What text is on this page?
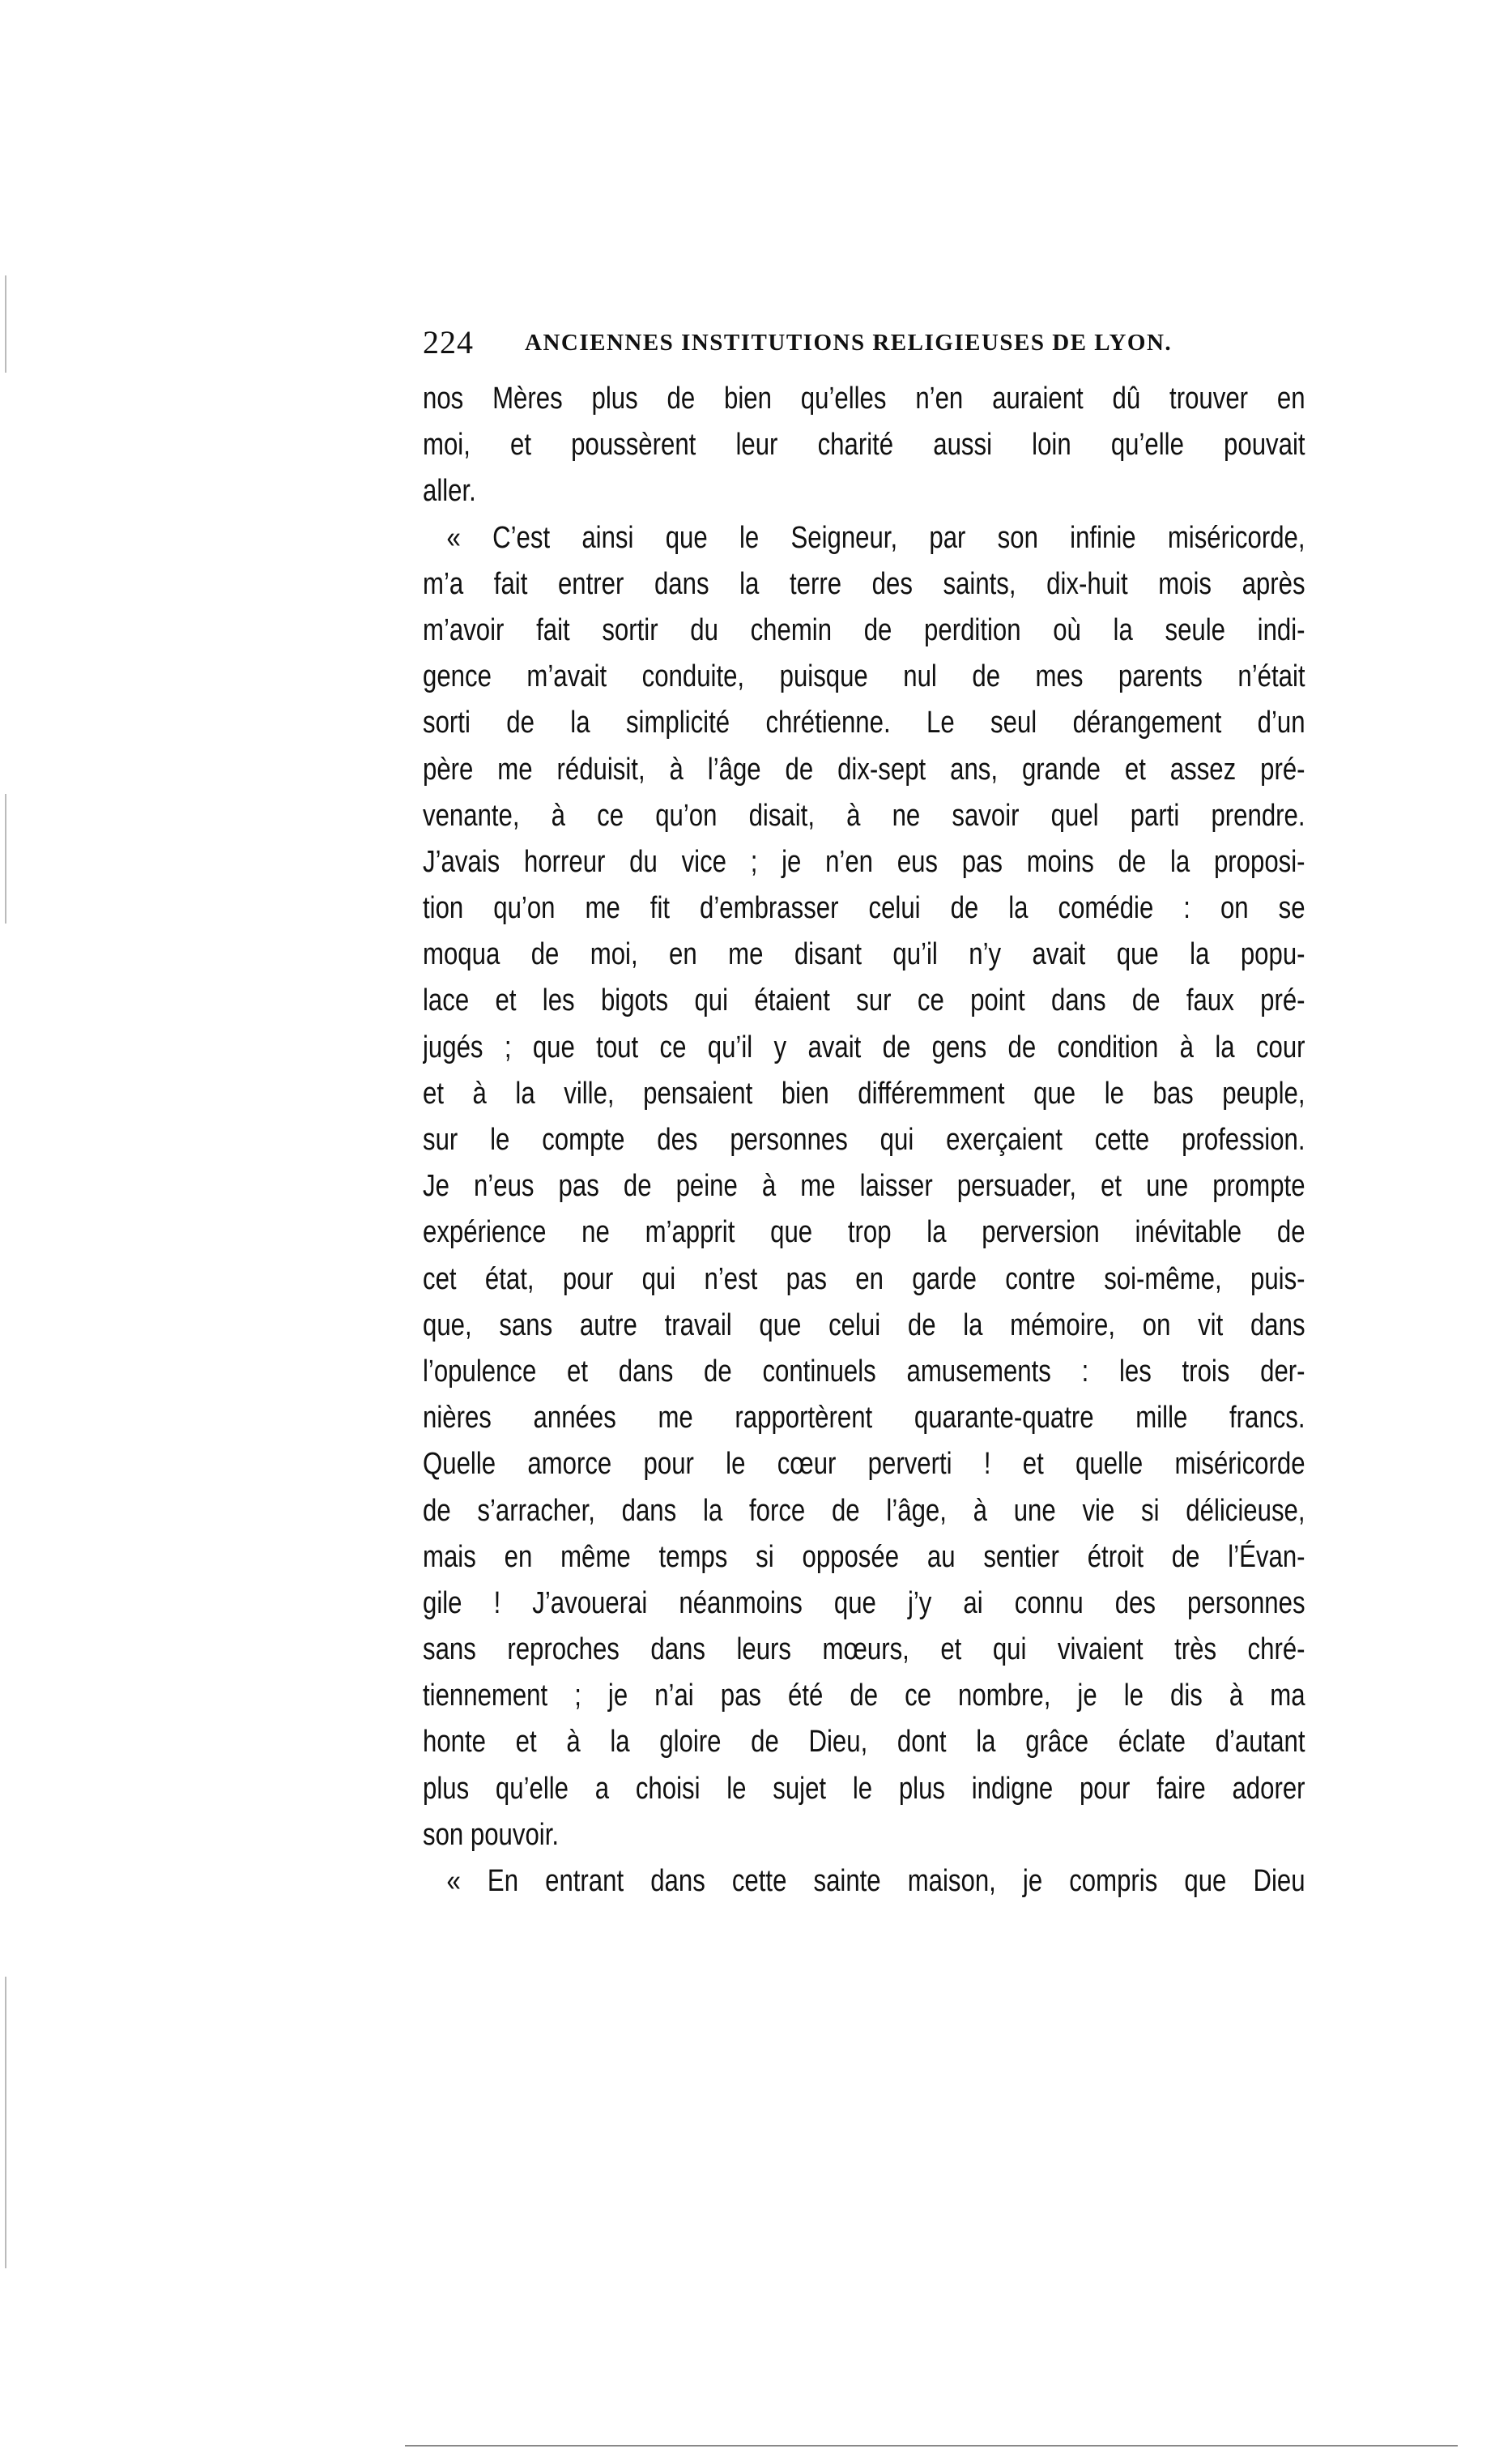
224 ANCIENNES INSTITUTIONS RELIGIEUSES DE LYON.
nos Mères plus de bien qu’elles n’en auraient dû trouver en
moi, et poussèrent leur charité aussi loin qu’elle pouvait
aller.
« C’est ainsi que le Seigneur, par son infinie miséricorde,
m’a fait entrer dans la terre des saints, dix-huit mois après
m’avoir fait sortir du chemin de perdition où la seule indi-
gence m’avait conduite, puisque nul de mes parents n’était
sorti de la simplicité chrétienne. Le seul dérangement d’un
père me réduisit, à l’âge de dix-sept ans, grande et assez pré-
venante, à ce qu’on disait, à ne savoir quel parti prendre.
J’avais horreur du vice ; je n’en eus pas moins de la proposi-
tion qu’on me fit d’embrasser celui de la comédie : on se
moqua de moi, en me disant qu’il n’y avait que la popu-
lace et les bigots qui étaient sur ce point dans de faux pré-
jugés ; que tout ce qu’il y avait de gens de condition à la cour
et à la ville, pensaient bien différemment que le bas peuple,
sur le compte des personnes qui exerçaient cette profession.
Je n’eus pas de peine à me laisser persuader, et une prompte
expérience ne m’apprit que trop la perversion inévitable de
cet état, pour qui n’est pas en garde contre soi-même, puis-
que, sans autre travail que celui de la mémoire, on vit dans
l’opulence et dans de continuels amusements : les trois der-
nières années me rapportèrent quarante-quatre mille francs.
Quelle amorce pour le cœur perverti ! et quelle miséricorde
de s’arracher, dans la force de l’âge, à une vie si délicieuse,
mais en même temps si opposée au sentier étroit de l’Évan-
gile ! J’avouerai néanmoins que j’y ai connu des personnes
sans reproches dans leurs mœurs, et qui vivaient très chré-
tiennement ; je n’ai pas été de ce nombre, je le dis à ma
honte et à la gloire de Dieu, dont la grâce éclate d’autant
plus qu’elle a choisi le sujet le plus indigne pour faire adorer
son pouvoir.
« En entrant dans cette sainte maison, je compris que Dieu
